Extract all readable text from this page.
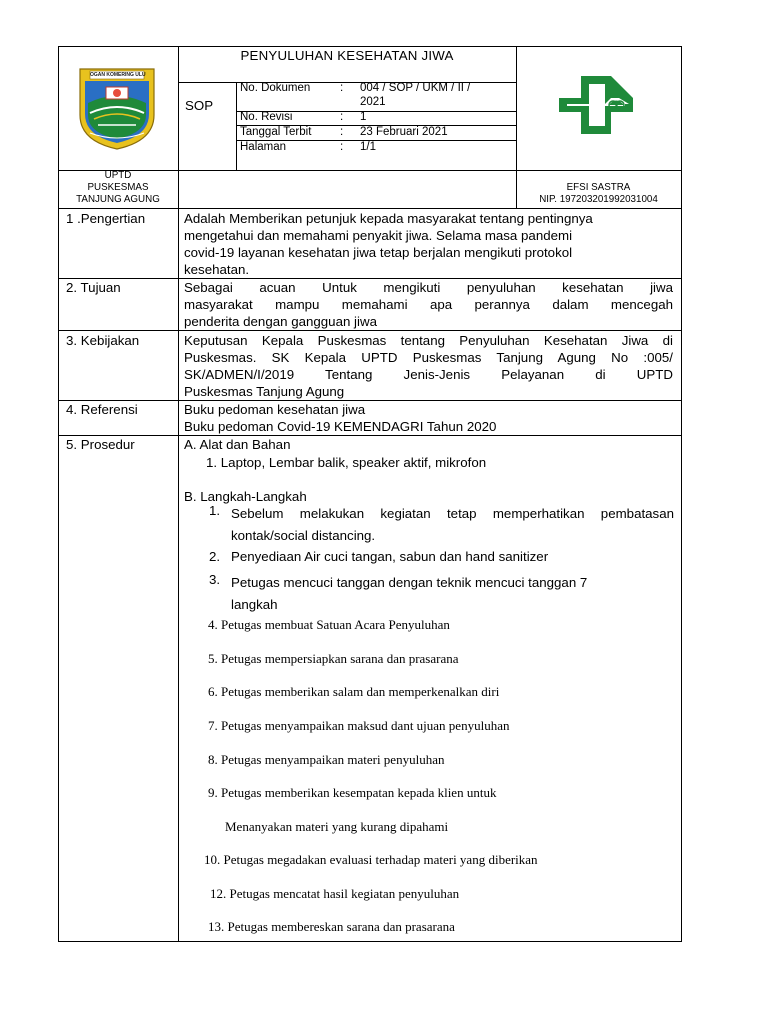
OGAN KOMERING ULU
PENYULUHAN KESEHATAN JIWA
SOP
No. Dokumen	: 004 / SOP / UKM / II /
2021
No. Revisi	: 1
Tanggal Terbit : 23 Februari 2021
Halaman	: 1/1
UPTD
PUSKESMAS
TANJUNG AGUNG
EFSI SASTRA
NIP. 197203201992031004
1 .Pengertian	Adalah Memberikan petunjuk kepada masyarakat tentang pentingnya
mengetahui dan memahami penyakit jiwa. Selama masa pandemi
covid-19 layanan kesehatan jiwa tetap berjalan mengikuti protokol
kesehatan.
2. Tujuan	Sebagai acuan Untuk mengikuti penyuluhan kesehatan jiwa
masyarakat mampu memahami apa perannya dalam mencegah
penderita dengan gangguan jiwa
3. Kebijakan	Keputusan Kepala Puskesmas tentang Penyuluhan Kesehatan Jiwa di
Puskesmas. SK Kepala UPTD Puskesmas Tanjung Agung No :005/
SK/ADMEN/I/2019 Tentang Jenis-Jenis Pelayanan di UPTD
Puskesmas Tanjung Agung
4. Referensi	Buku pedoman kesehatan jiwa
Buku pedoman Covid-19 KEMENDAGRI Tahun 2020
5. Prosedur	A. Alat dan Bahan
1. Laptop, Lembar balik, speaker aktif, mikrofon
B. Langkah-Langkah
1. Sebelum melakukan kegiatan tetap memperhatikan pembatasan
kontak/social distancing.
2. Penyediaan Air cuci tangan, sabun dan hand sanitizer
3. Petugas mencuci tanggan dengan teknik mencuci tanggan 7
langkah
4. Petugas membuat Satuan Acara Penyuluhan
5. Petugas mempersiapkan sarana dan prasarana
6. Petugas memberikan salam dan memperkenalkan diri
7. Petugas menyampaikan maksud dant ujuan penyuluhan
8. Petugas menyampaikan materi penyuluhan
9. Petugas memberikan kesempatan kepada klien untuk
Menanyakan materi yang kurang dipahami
10. Petugas megadakan evaluasi terhadap materi yang diberikan
12. Petugas mencatat hasil kegiatan penyuluhan
13. Petugas membereskan sarana dan prasarana
